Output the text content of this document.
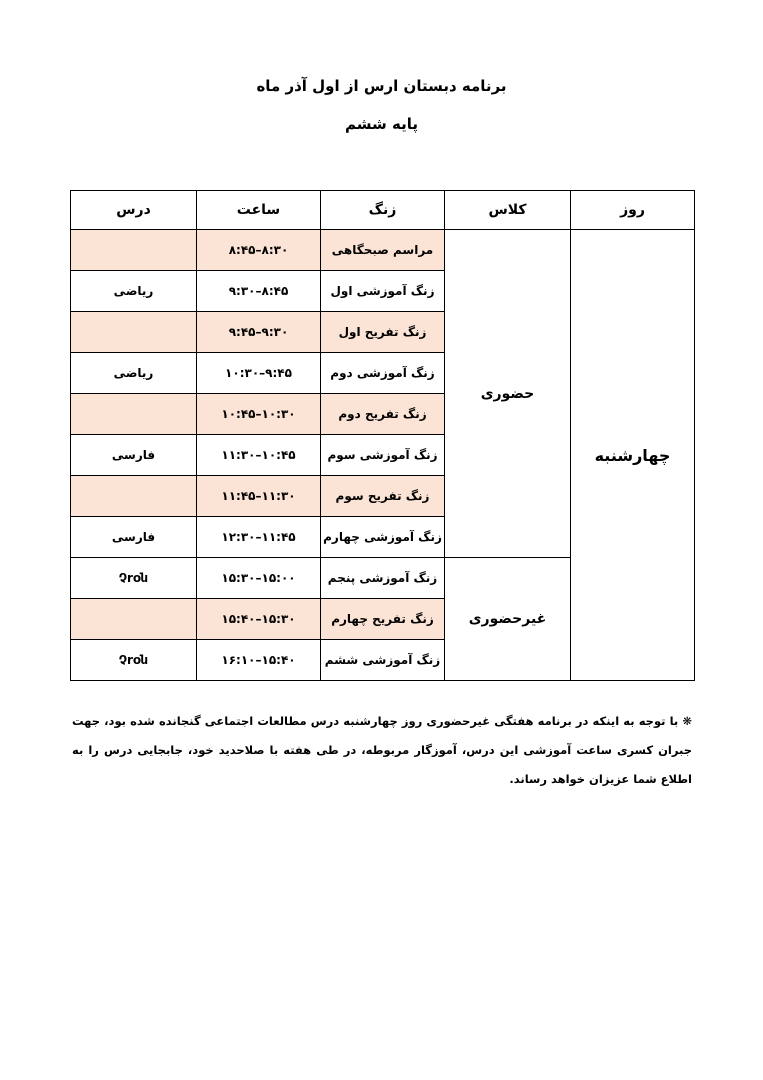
برنامه دبستان ارس از اول آذر ماه
پایه ششم
روز	کلاس	زنگ	ساعت	درس
چهارشنبه	حضوری	مراسم صبحگاهی	۸:۳۰–۸:۴۵	
		زنگ آموزشی اول	۸:۴۵–۹:۳۰	ریاضی
		زنگ تفریح اول	۹:۳۰–۹:۴۵	
		زنگ آموزشی دوم	۹:۴۵–۱۰:۳۰	ریاضی
		زنگ تفریح دوم	۱۰:۳۰–۱۰:۴۵	
		زنگ آموزشی سوم	۱۰:۴۵–۱۱:۳۰	فارسی
		زنگ تفریح سوم	۱۱:۳۰–۱۱:۴۵	
		زنگ آموزشی چهارم	۱۱:۴۵–۱۲:۳۰	فارسی
	غیرحضوری	زنگ آموزشی پنجم	۱۵:۰۰–۱۵:۳۰	Չrօն
		زنگ تفریح چهارم	۱۵:۳۰–۱۵:۴۰	
		زنگ آموزشی ششم	۱۵:۴۰–۱۶:۱۰	Չrօն
❋ با توجه به اینکه در برنامه هفتگی غیرحضوری روز چهارشنبه درس مطالعات اجتماعی گنجانده شده بود، جهت جبران کسری ساعت آموزشی این درس، آموزگار مربوطه، در طی هفته با صلاحدید خود، جابجایی درس را به اطلاع شما عزیزان خواهد رساند.
